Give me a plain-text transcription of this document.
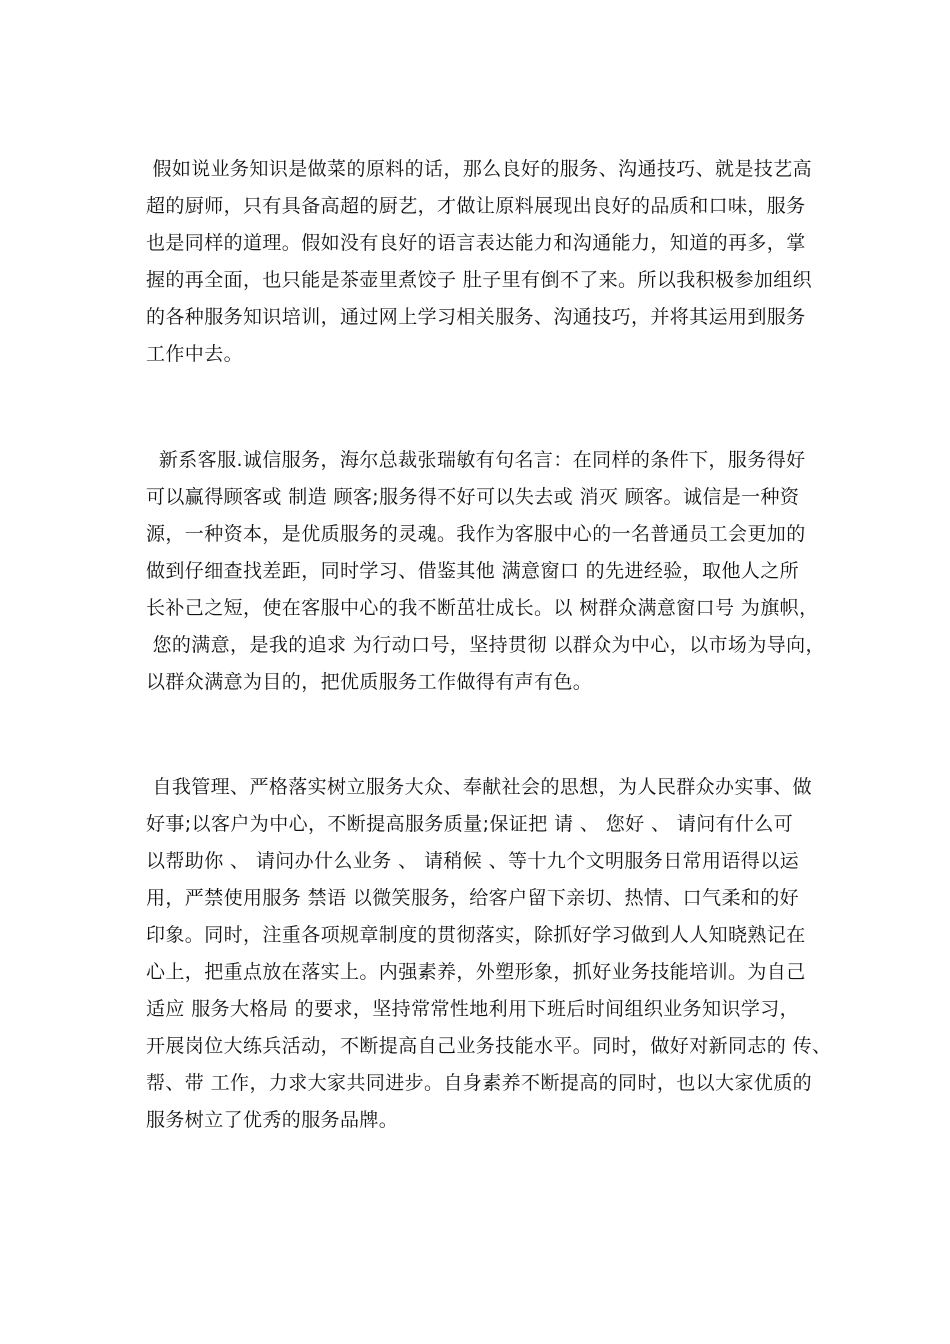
假如说业务知识是做菜的原料的话，那么良好的服务、沟通技巧、就是技艺高
超的厨师，只有具备高超的厨艺，才做让原料展现出良好的品质和口味，服务
也是同样的道理。假如没有良好的语言表达能力和沟通能力，知道的再多，掌
握的再全面，也只能是茶壶里煮饺子 肚子里有倒不了来。所以我积极参加组织
的各种服务知识培训，通过网上学习相关服务、沟通技巧，并将其运用到服务
工作中去。
新系客服.诚信服务，海尔总裁张瑞敏有句名言：在同样的条件下，服务得好
可以赢得顾客或 制造 顾客;服务得不好可以失去或 消灭 顾客。诚信是一种资
源，一种资本，是优质服务的灵魂。我作为客服中心的一名普通员工会更加的
做到仔细查找差距，同时学习、借鉴其他 满意窗口 的先进经验，取他人之所
长补己之短，使在客服中心的我不断茁壮成长。以 树群众满意窗口号 为旗帜，
您的满意，是我的追求 为行动口号，坚持贯彻 以群众为中心，以市场为导向，
以群众满意为目的，把优质服务工作做得有声有色。
自我管理、严格落实树立服务大众、奉献社会的思想，为人民群众办实事、做
好事;以客户为中心，不断提高服务质量;保证把 请 、 您好 、 请问有什么可
以帮助你 、 请问办什么业务 、 请稍候 、等十九个文明服务日常用语得以运
用，严禁使用服务 禁语 以微笑服务，给客户留下亲切、热情、口气柔和的好
印象。同时，注重各项规章制度的贯彻落实，除抓好学习做到人人知晓熟记在
心上，把重点放在落实上。内强素养，外塑形象，抓好业务技能培训。为自己
适应 服务大格局 的要求，坚持常常性地利用下班后时间组织业务知识学习，
开展岗位大练兵活动，不断提高自己业务技能水平。同时，做好对新同志的 传、
帮、带 工作，力求大家共同进步。自身素养不断提高的同时，也以大家优质的
服务树立了优秀的服务品牌。
